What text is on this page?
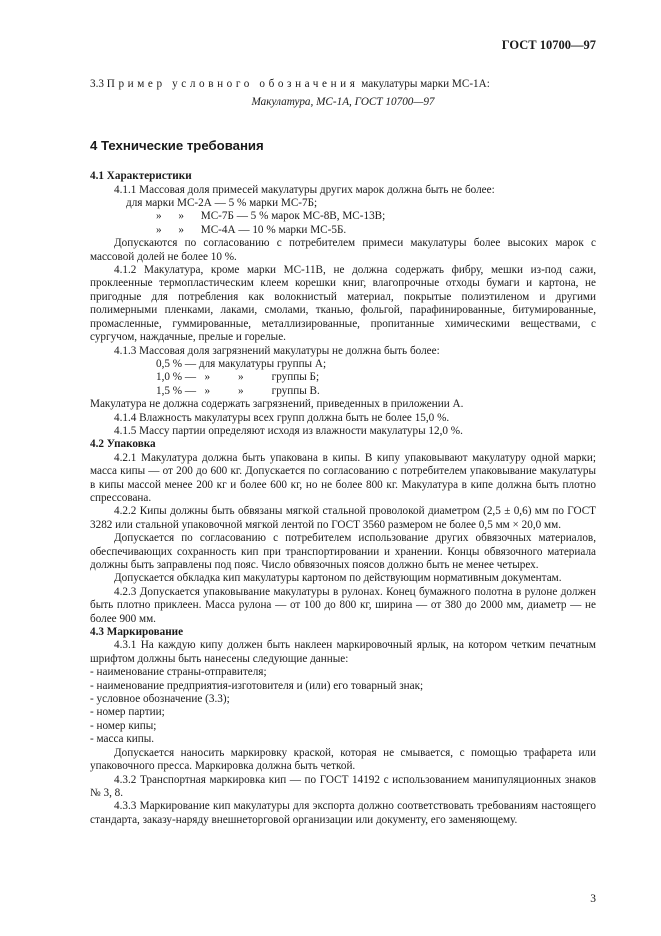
ГОСТ 10700—97

3.3 Пример условного обозначения макулатуры марки МС-1А:

Макулатура, МС-1А, ГОСТ 10700—97

4 Технические требования

4.1 Характеристики

4.1.1 Массовая доля примесей макулатуры других марок должна быть не более:

для марки МС-2А — 5 % марки МС-7Б;

»      »      МС-7Б — 5 % марок МС-8В, МС-13В;

»      »      МС-4А — 10 % марки МС-5Б.

Допускаются по согласованию с потребителем примеси макулатуры более высоких марок с массовой долей не более 10 %.

4.1.2 Макулатура, кроме марки МС-11В, не должна содержать фибру, мешки из-под сажи, проклеенные термопластическим клеем корешки книг, влагопрочные отходы бумаги и картона, не пригодные для потребления как волокнистый материал, покрытые полиэтиленом и другими полимерными пленками, лаками, смолами, тканью, фольгой, парафинированные, битумированные, промасленные, гуммированные, металлизированные, пропитанные химическими веществами, с сургучом, наждачные, прелые и горелые.

4.1.3 Массовая доля загрязнений макулатуры не должна быть более:

0,5 % — для макулатуры группы А;

1,0 % —   »          »          группы Б;

1,5 % —   »          »          группы В.

Макулатура не должна содержать загрязнений, приведенных в приложении А.

4.1.4 Влажность макулатуры всех групп должна быть не более 15,0 %.

4.1.5 Массу партии определяют исходя из влажности макулатуры 12,0 %.

4.2 Упаковка

4.2.1 Макулатура должна быть упакована в кипы. В кипу упаковывают макулатуру одной марки; масса кипы — от 200 до 600 кг. Допускается по согласованию с потребителем упаковывание макулатуры в кипы массой менее 200 кг и более 600 кг, но не более 800 кг. Макулатура в кипе должна быть плотно спрессована.

4.2.2 Кипы должны быть обвязаны мягкой стальной проволокой диаметром (2,5 ± 0,6) мм по ГОСТ 3282 или стальной упаковочной мягкой лентой по ГОСТ 3560 размером не более 0,5 мм × 20,0 мм.

Допускается по согласованию с потребителем использование других обвязочных материалов, обеспечивающих сохранность кип при транспортировании и хранении. Концы обвязочного материала должны быть заправлены под пояс. Число обвязочных поясов должно быть не менее четырех.

Допускается обкладка кип макулатуры картоном по действующим нормативным документам.

4.2.3 Допускается упаковывание макулатуры в рулонах. Конец бумажного полотна в рулоне должен быть плотно приклеен. Масса рулона — от 100 до 800 кг, ширина — от 380 до 2000 мм, диаметр — не более 900 мм.

4.3 Маркирование

4.3.1 На каждую кипу должен быть наклеен маркировочный ярлык, на котором четким печатным шрифтом должны быть нанесены следующие данные:

- наименование страны-отправителя;

- наименование предприятия-изготовителя и (или) его товарный знак;

- условное обозначение (3.3);

- номер партии;

- номер кипы;

- масса кипы.

Допускается наносить маркировку краской, которая не смывается, с помощью трафарета или упаковочного пресса. Маркировка должна быть четкой.

4.3.2 Транспортная маркировка кип — по ГОСТ 14192 с использованием манипуляционных знаков № 3, 8.

4.3.3 Маркирование кип макулатуры для экспорта должно соответствовать требованиям настоящего стандарта, заказу-наряду внешнеторговой организации или документу, его заменяющему.

3
